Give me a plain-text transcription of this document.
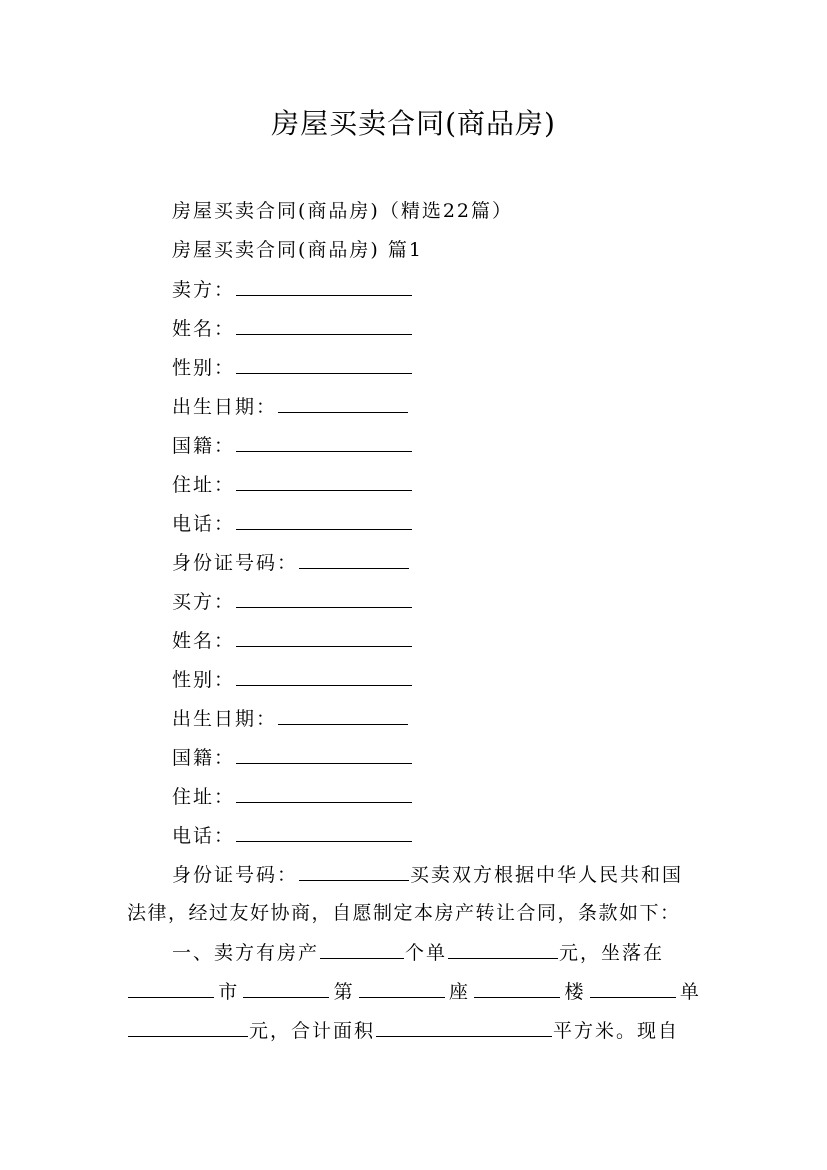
房屋买卖合同(商品房)
房屋买卖合同(商品房)（精选22篇）
房屋买卖合同(商品房) 篇1
卖方：
姓名：
性别：
出生日期：
国籍：
住址：
电话：
身份证号码：
买方：
姓名：
性别：
出生日期：
国籍：
住址：
电话：
身份证号码：	买卖双方根据中华人民共和国
法律，经过友好协商，自愿制定本房产转让合同，条款如下：
一、卖方有房产	个单	元，坐落在
市	第	座	楼	单
元，合计面积	平方米。现自
